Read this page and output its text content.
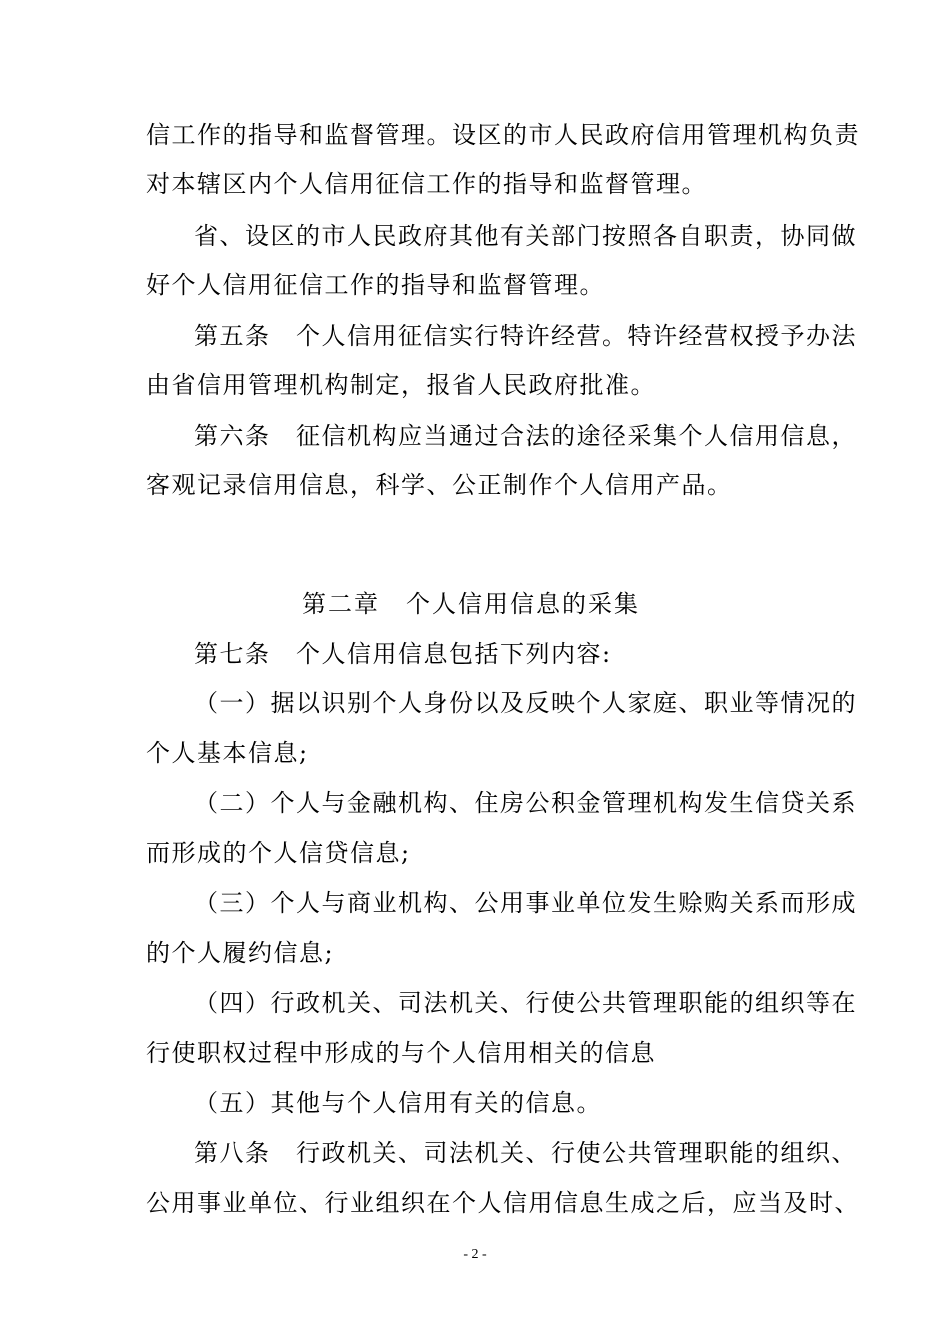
信工作的指导和监督管理。设区的市人民政府信用管理机构负责
对本辖区内个人信用征信工作的指导和监督管理。
省、设区的市人民政府其他有关部门按照各自职责，协同做
好个人信用征信工作的指导和监督管理。
第五条　个人信用征信实行特许经营。特许经营权授予办法
由省信用管理机构制定，报省人民政府批准。
第六条　征信机构应当通过合法的途径采集个人信用信息，
客观记录信用信息，科学、公正制作个人信用产品。
第二章　个人信用信息的采集
第七条　个人信用信息包括下列内容:
（一）据以识别个人身份以及反映个人家庭、职业等情况的
个人基本信息;
（二）个人与金融机构、住房公积金管理机构发生信贷关系
而形成的个人信贷信息;
（三）个人与商业机构、公用事业单位发生赊购关系而形成
的个人履约信息;
（四）行政机关、司法机关、行使公共管理职能的组织等在
行使职权过程中形成的与个人信用相关的信息
（五）其他与个人信用有关的信息。
第八条　行政机关、司法机关、行使公共管理职能的组织、
公用事业单位、行业组织在个人信用信息生成之后，应当及时、
- 2 -
